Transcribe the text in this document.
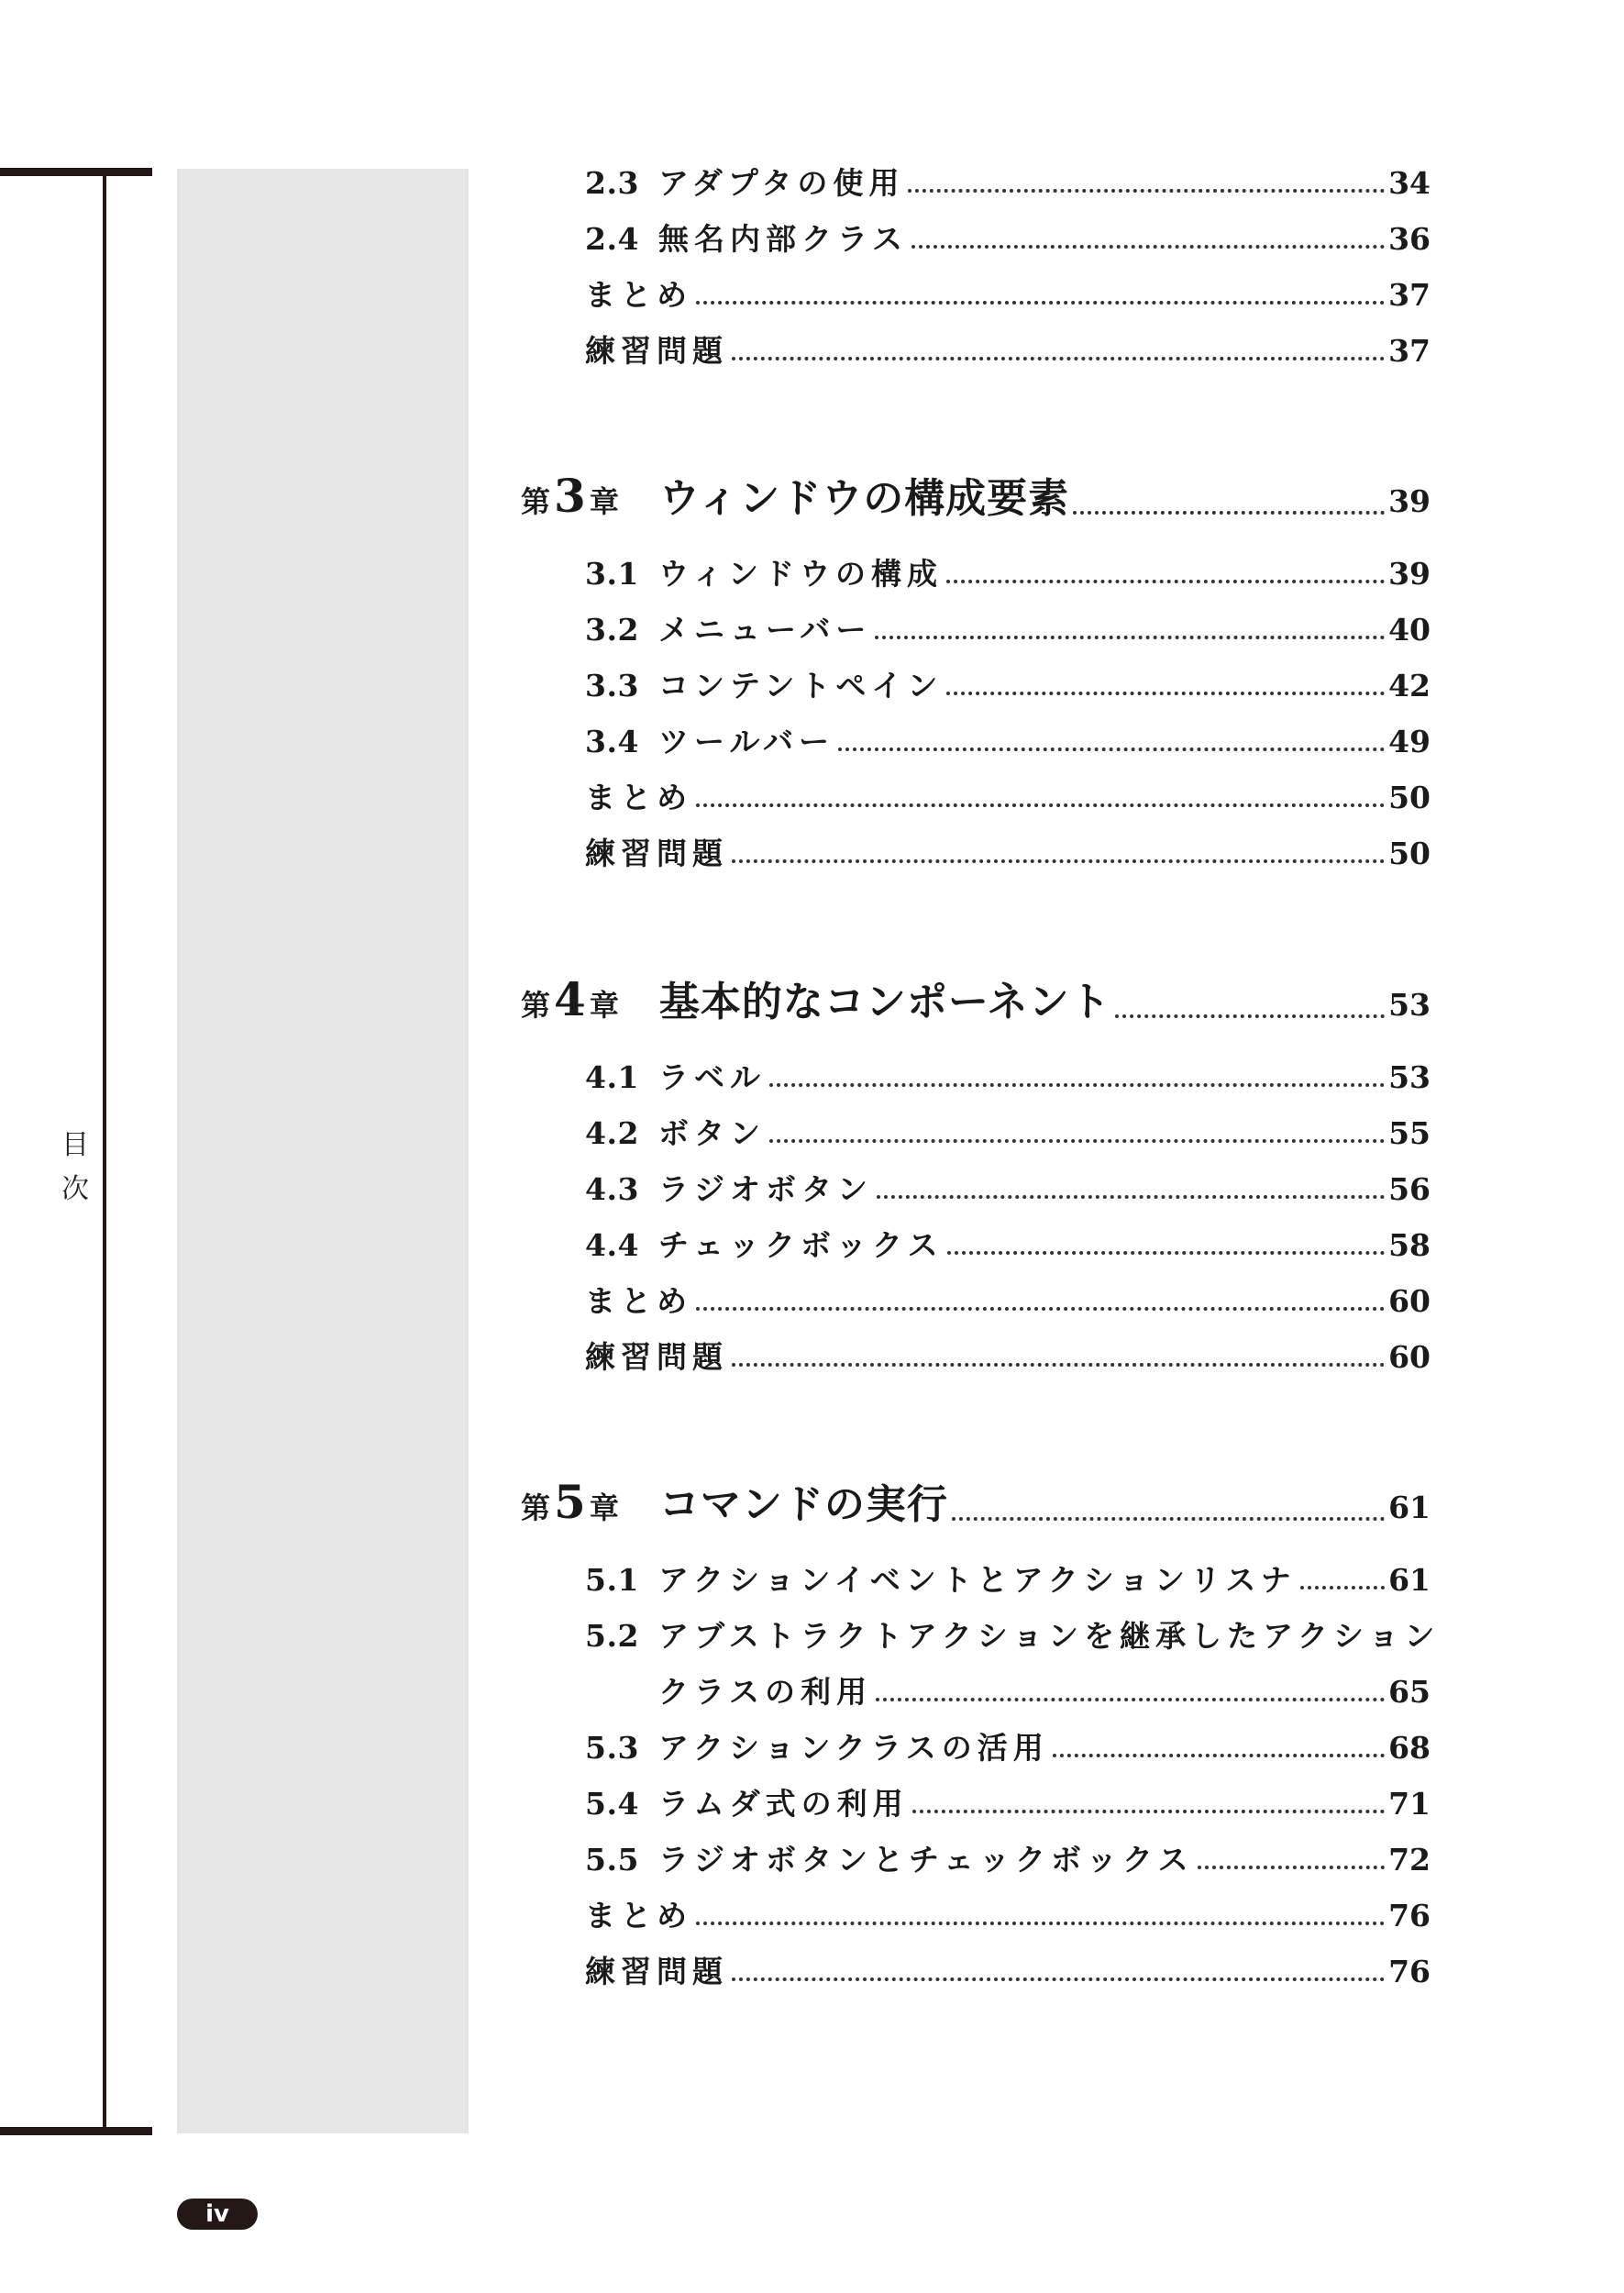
目
次
iv
2.3 アダプタの使用	34
2.4 無名内部クラス	36
まとめ	37
練習問題	37
第 3 章 ウィンドウの構成要素	39
3.1 ウィンドウの構成	39
3.2 メニューバー	40
3.3 コンテントペイン	42
3.4 ツールバー	49
まとめ	50
練習問題	50
第 4 章 基本的なコンポーネント	53
4.1 ラベル	53
4.2 ボタン	55
4.3 ラジオボタン	56
4.4 チェックボックス	58
まとめ	60
練習問題	60
第 5 章 コマンドの実行	61
5.1 アクションイベントとアクションリスナ	61
5.2 アブストラクトアクションを継承したアクション
クラスの利用	65
5.3 アクションクラスの活用	68
5.4 ラムダ式の利用	71
5.5 ラジオボタンとチェックボックス	72
まとめ	76
練習問題	76
